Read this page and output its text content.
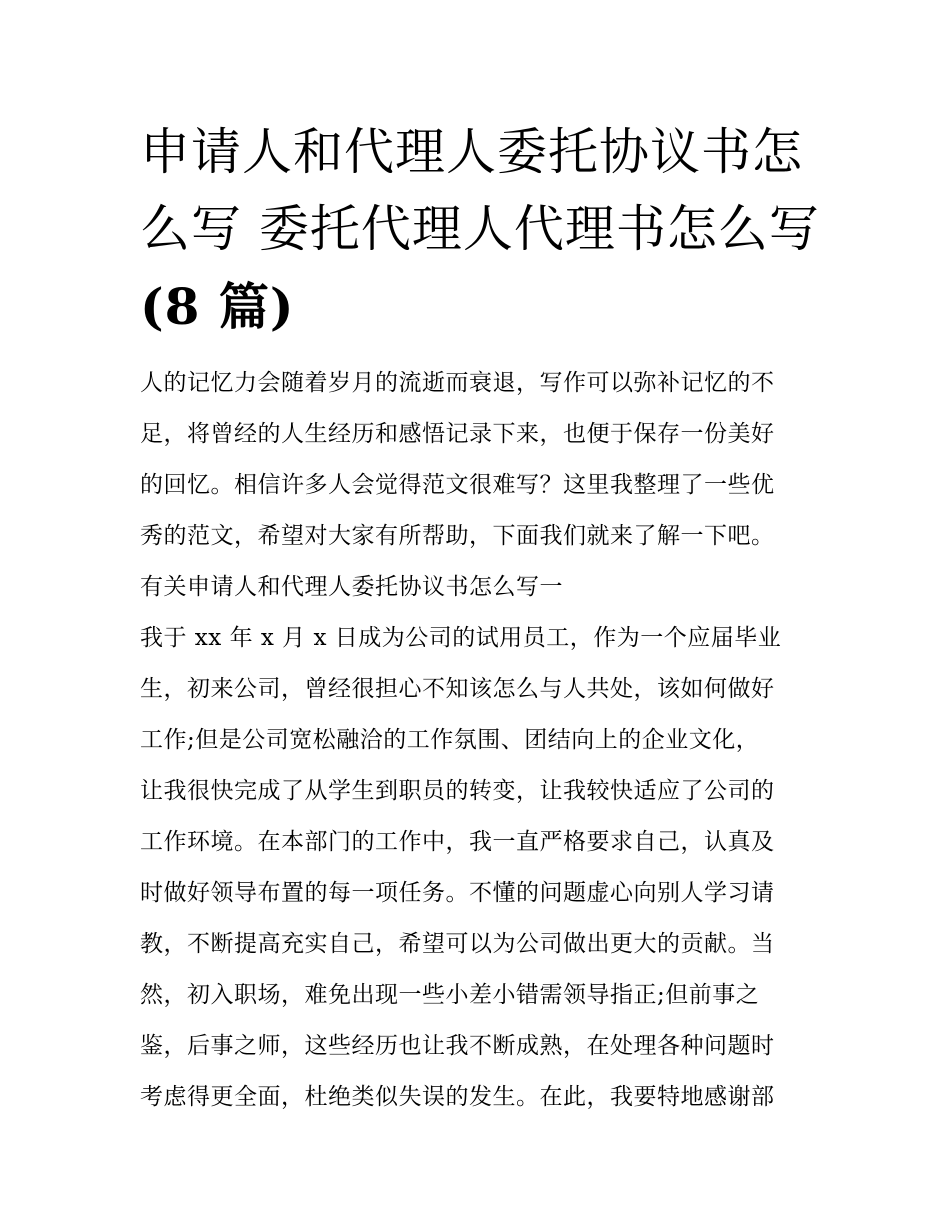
申请人和代理人委托协议书怎
么写 委托代理人代理书怎么写
(8 篇)
人的记忆力会随着岁月的流逝而衰退，写作可以弥补记忆的不
足，将曾经的人生经历和感悟记录下来，也便于保存一份美好
的回忆。相信许多人会觉得范文很难写？这里我整理了一些优
秀的范文，希望对大家有所帮助，下面我们就来了解一下吧。
有关申请人和代理人委托协议书怎么写一
我于 xx 年 x 月 x 日成为公司的试用员工，作为一个应届毕业
生，初来公司，曾经很担心不知该怎么与人共处，该如何做好
工作;但是公司宽松融洽的工作氛围、团结向上的企业文化，
让我很快完成了从学生到职员的转变，让我较快适应了公司的
工作环境。在本部门的工作中，我一直严格要求自己，认真及
时做好领导布置的每一项任务。不懂的问题虚心向别人学习请
教，不断提高充实自己，希望可以为公司做出更大的贡献。当
然，初入职场，难免出现一些小差小错需领导指正;但前事之
鉴，后事之师，这些经历也让我不断成熟，在处理各种问题时
考虑得更全面，杜绝类似失误的发生。在此，我要特地感谢部
